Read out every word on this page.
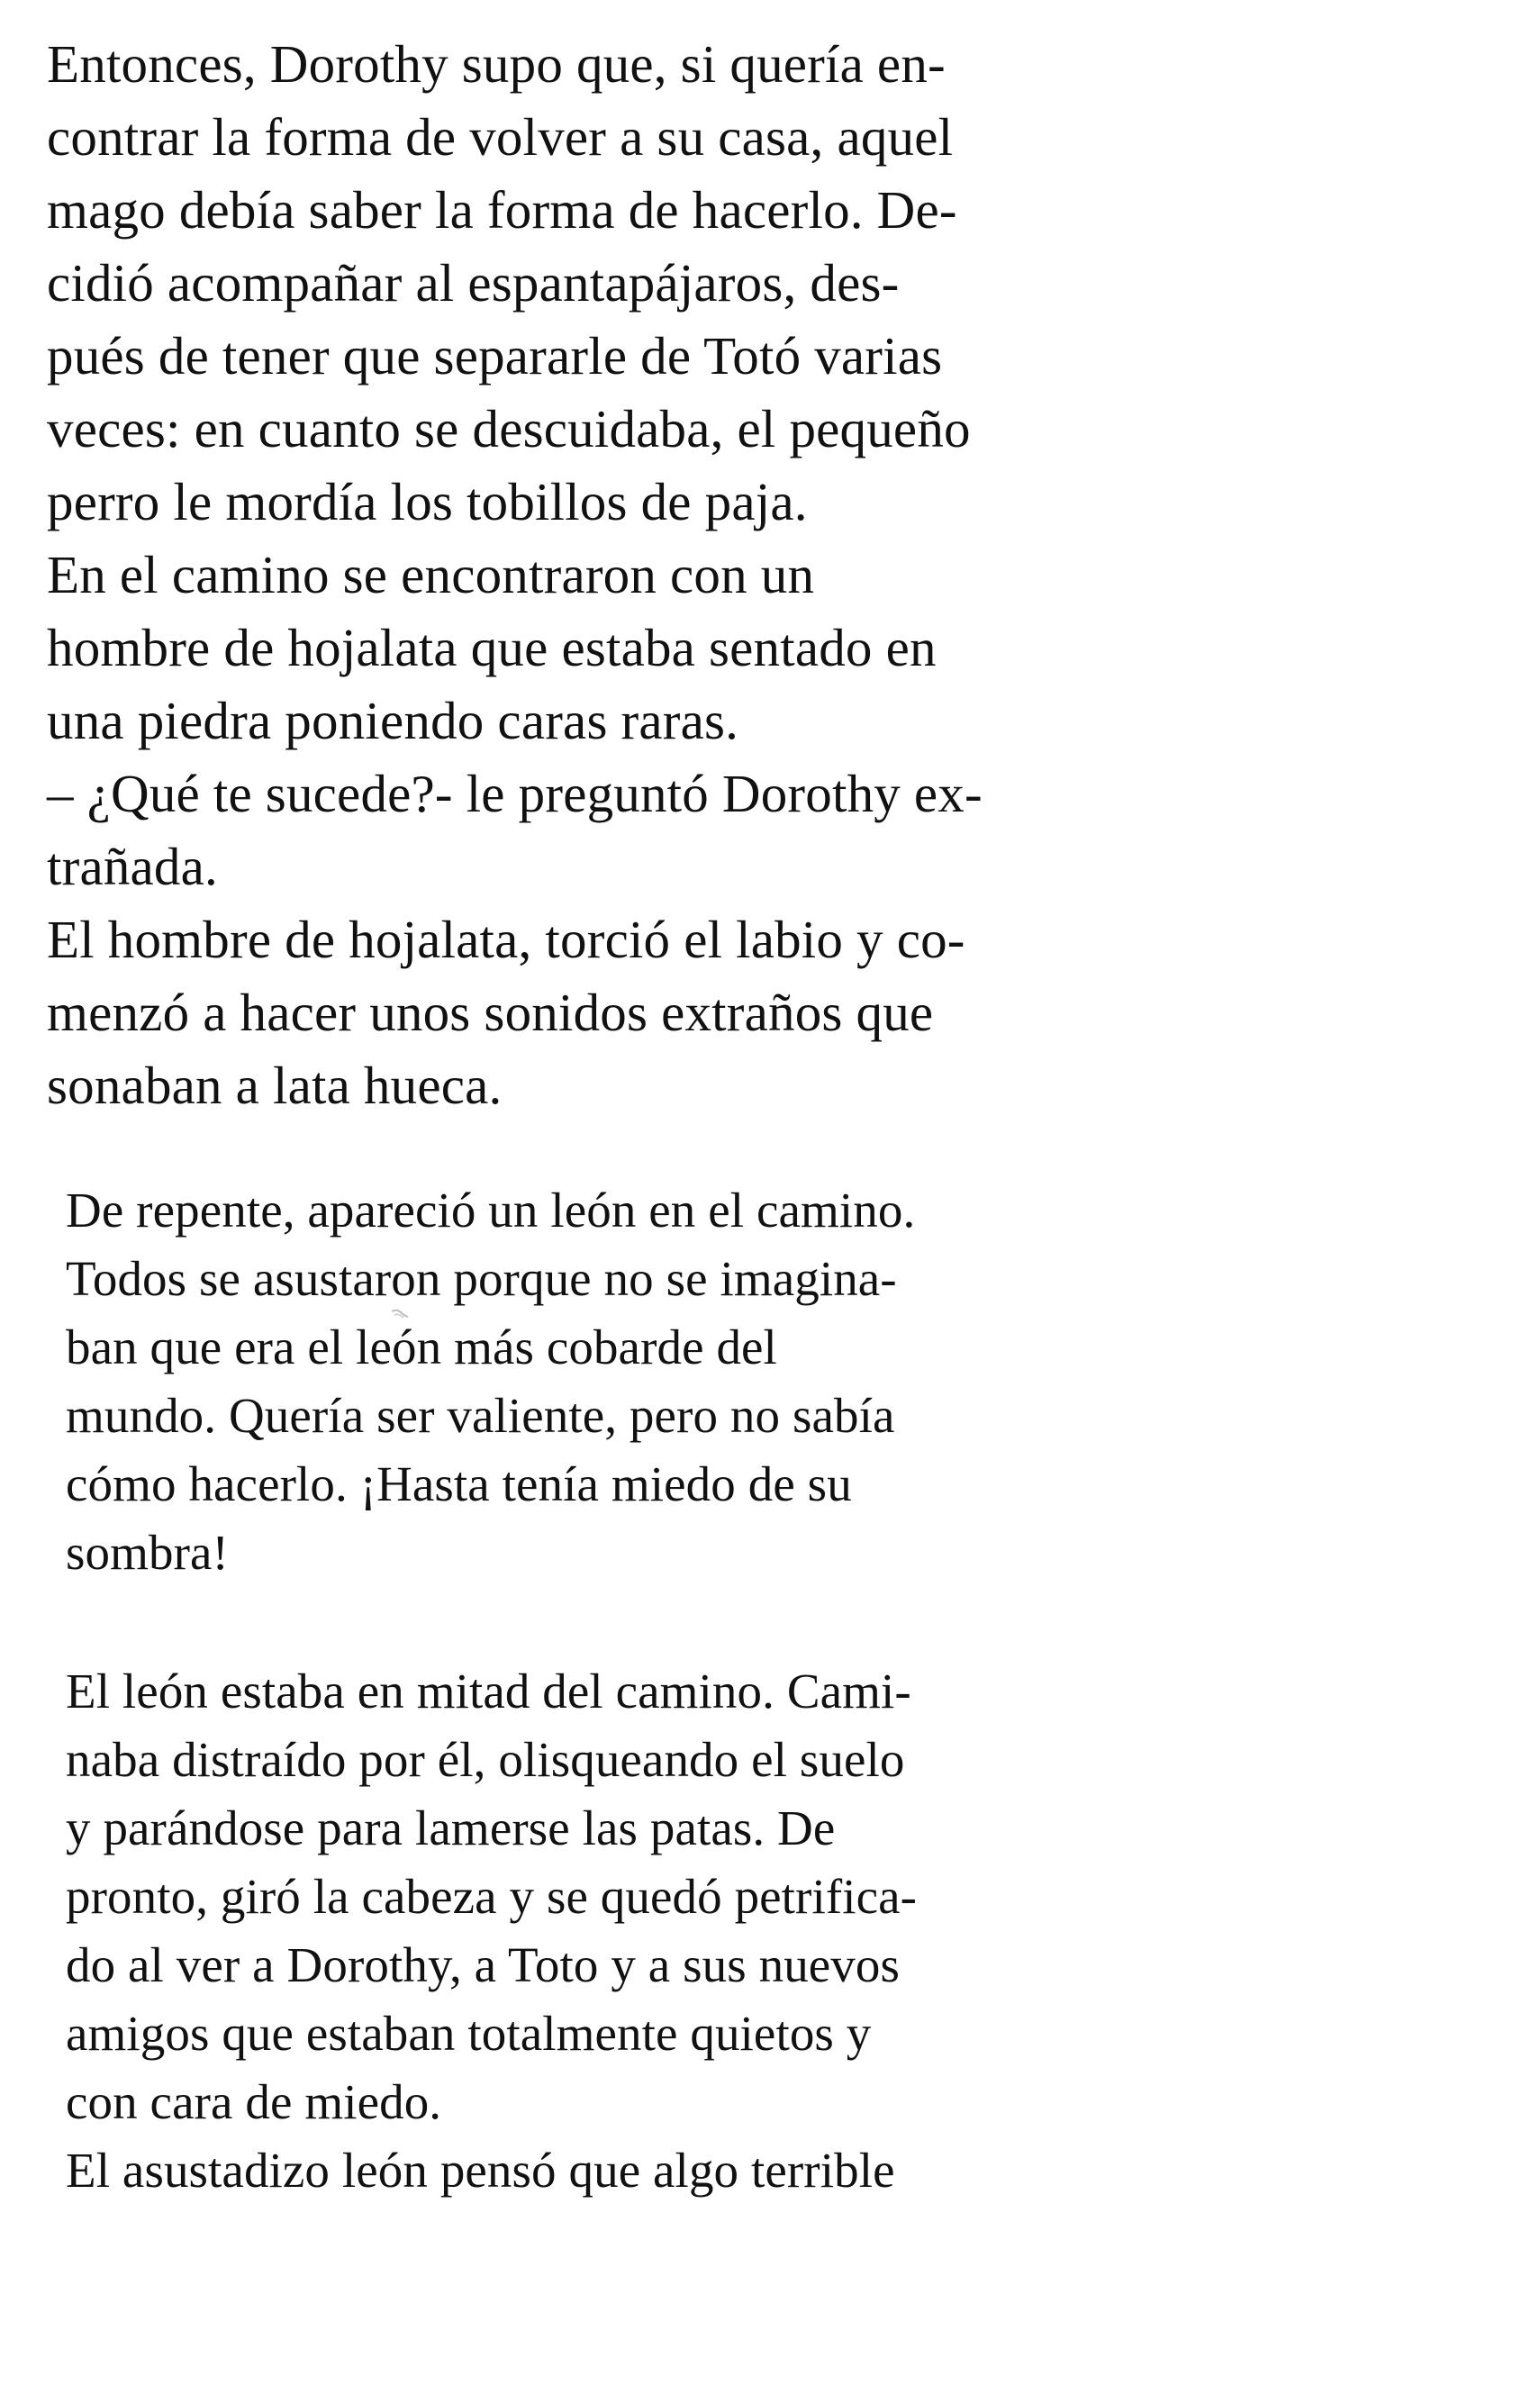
Entonces, Dorothy supo que, si quería en-

contrar la forma de volver a su casa, aquel

mago debía saber la forma de hacerlo. De-

cidió acompañar al espantapájaros, des-

pués de tener que separarle de Totó varias

veces: en cuanto se descuidaba, el pequeño

perro le mordía los tobillos de paja.

En el camino se encontraron con un

hombre de hojalata que estaba sentado en

una piedra poniendo caras raras.

– ¿Qué te sucede?- le preguntó Dorothy ex-

trañada.

El hombre de hojalata, torció el labio y co-

menzó a hacer unos sonidos extraños que

sonaban a lata hueca.

De repente, apareció un león en el camino.

Todos se asustaron porque no se imagina-

ban que era el león más cobarde del

mundo. Quería ser valiente, pero no sabía

cómo hacerlo. ¡Hasta tenía miedo de su

sombra!

El león estaba en mitad del camino. Cami-

naba distraído por él, olisqueando el suelo

y parándose para lamerse las patas. De

pronto, giró la cabeza y se quedó petrifica-

do al ver a Dorothy, a Toto y a sus nuevos

amigos que estaban totalmente quietos y

con cara de miedo.

El asustadizo león pensó que algo terrible
